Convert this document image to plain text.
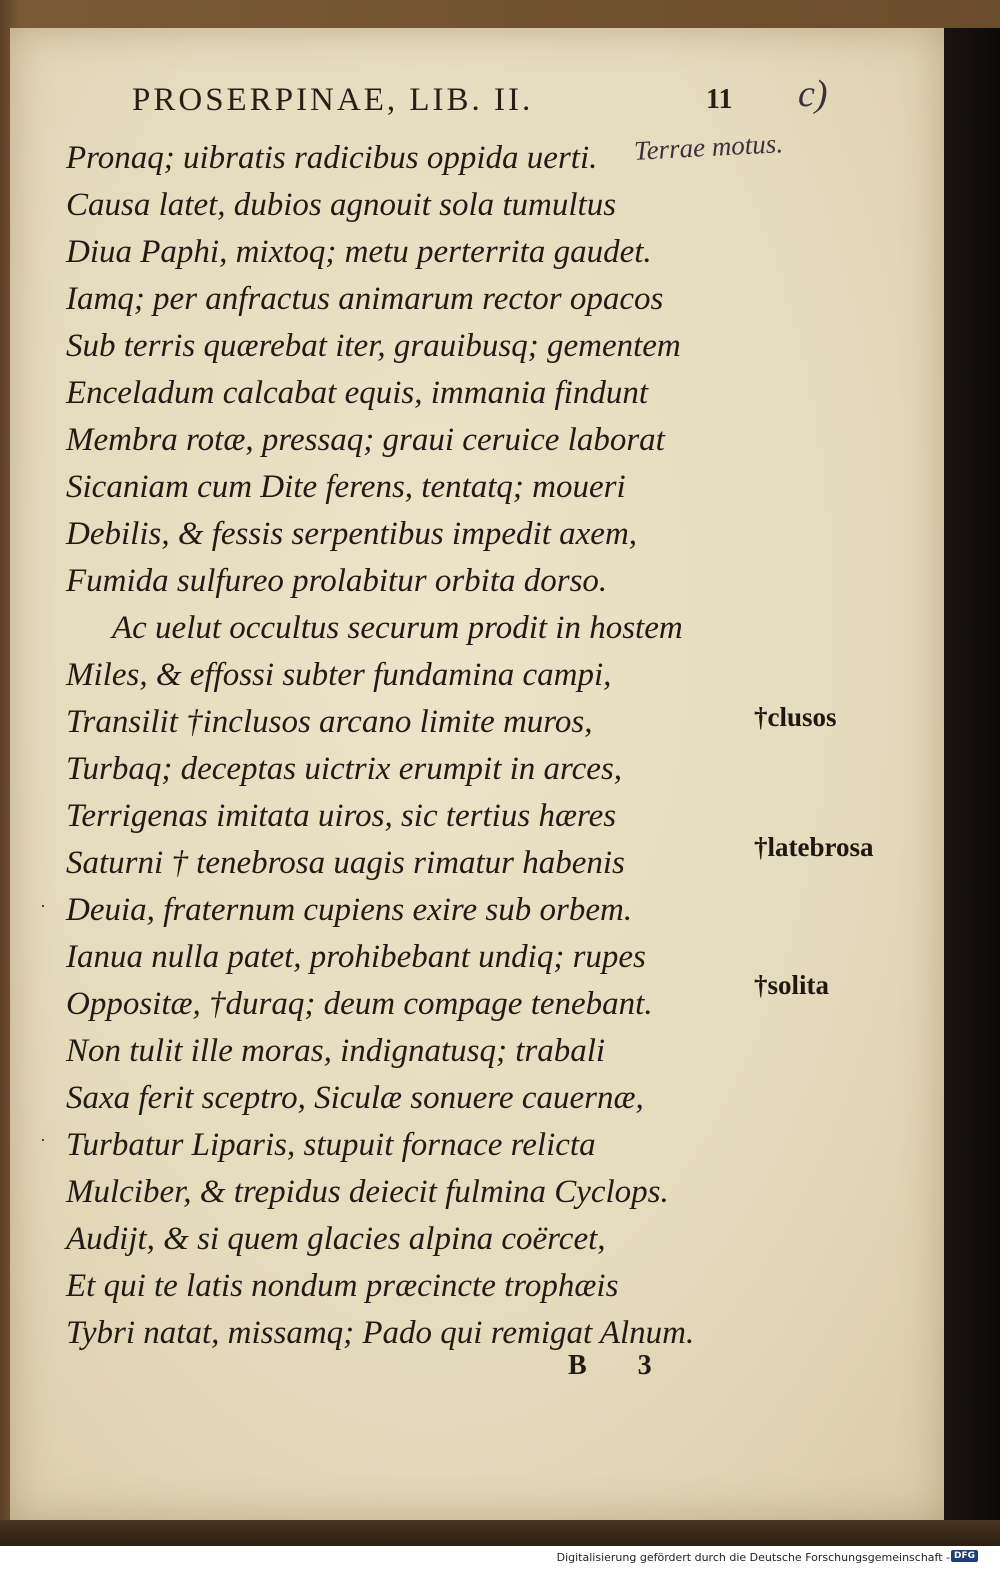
PROSERPINAE, LIB. II.	11 c)
Terrae motus.
Pronaq; uibratis radicibus oppida uerti.
Causa latet, dubios agnouit sola tumultus
Diua Paphi, mixtoq; metu perterrita gaudet.
Iamq; per anfractus animarum rector opacos
Sub terris quærebat iter, grauibusq; gementem
Enceladum calcabat equis, immania findunt
Membra rotæ, pressaq; graui ceruice laborat
Sicaniam cum Dite ferens, tentatq; moueri
Debilis, & fessis serpentibus impedit axem,
Fumida sulfureo prolabitur orbita dorso.
Ac uelut occultus securum prodit in hostem
Miles, & effossi subter fundamina campi,
Transilit †inclusos arcano limite muros,
Turbaq; deceptas uictrix erumpit in arces,
Terrigenas imitata uiros, sic tertius hæres
Saturni † tenebrosa uagis rimatur habenis
Deuia, fraternum cupiens exire sub orbem.
Ianua nulla patet, prohibebant undiq; rupes
Oppositæ, †duraq; deum compage tenebant.
Non tulit ille moras, indignatusq; trabali
Saxa ferit sceptro, Siculæ sonuere cauernæ,
Turbatur Liparis, stupuit fornace relicta
Mulciber, & trepidus deiecit fulmina Cyclops.
Audijt, & si quem glacies alpina coërcet,
Et qui te latis nondum præcincte trophæis
Tybri natat, missamq; Pado qui remigat Alnum.
†clusos
†latebrosa
†solita
·
·
B 3
Digitalisierung gefördert durch die Deutsche Forschungsgemeinschaft - DFG
